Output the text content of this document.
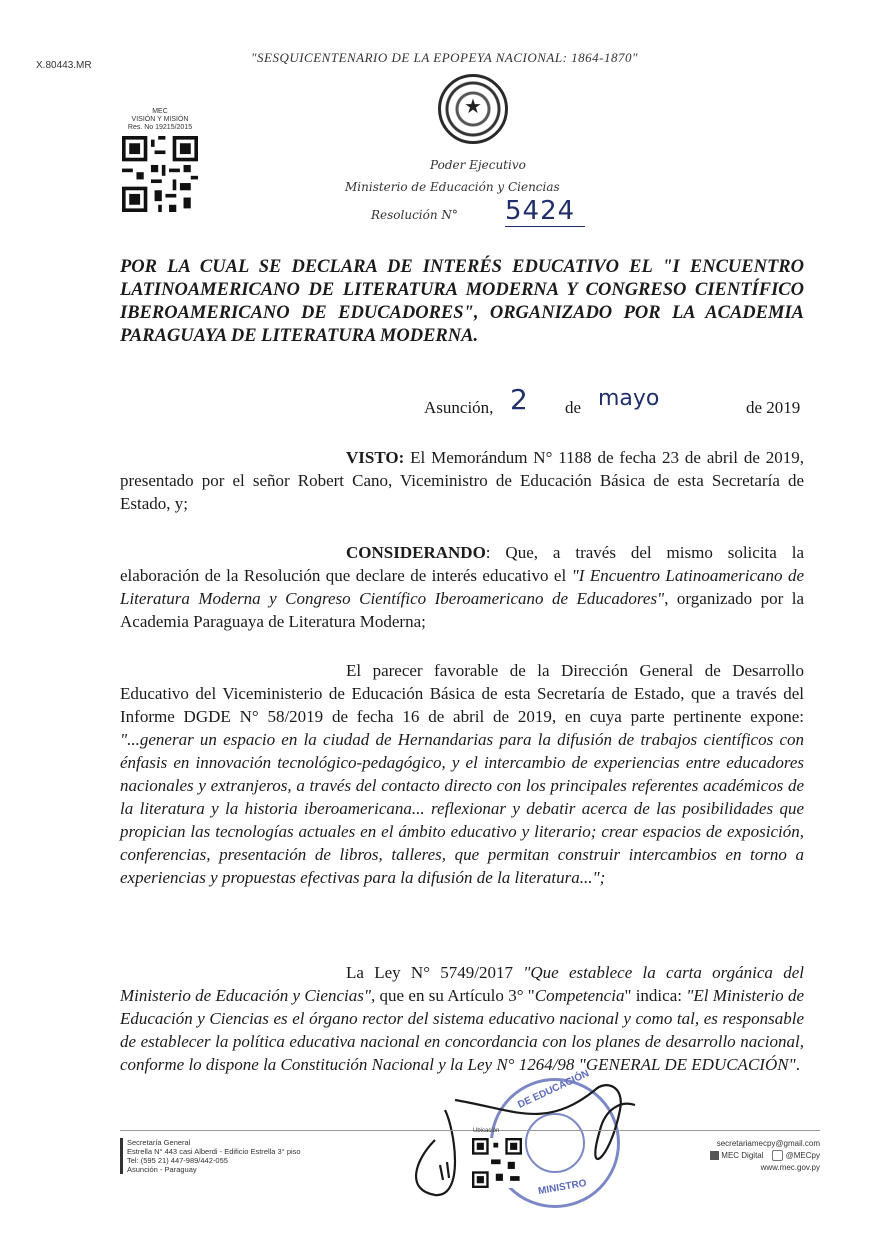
X.80443.MR
"SESQUICENTENARIO DE LA EPOPEYA NACIONAL: 1864-1870"
★
MEC
VISIÓN Y MISIÓN
Res. No 19215/2015
Poder Ejecutivo
Ministerio de Educación y Ciencias
Resolución N° 5424
POR LA CUAL SE DECLARA DE INTERÉS EDUCATIVO EL "I ENCUENTRO LATINOAMERICANO DE LITERATURA MODERNA Y CONGRESO CIENTÍFICO IBEROAMERICANO DE EDUCADORES", ORGANIZADO POR LA ACADEMIA PARAGUAYA DE LITERATURA MODERNA.
Asunción, 2 de mayo	de 2019
VISTO: El Memorándum N° 1188 de fecha 23 de abril de 2019, presentado por el señor Robert Cano, Viceministro de Educación Básica de esta Secretaría de Estado, y;
CONSIDERANDO: Que, a través del mismo solicita la elaboración de la Resolución que declare de interés educativo el "I Encuentro Latinoamericano de Literatura Moderna y Congreso Científico Iberoamericano de Educadores", organizado por la Academia Paraguaya de Literatura Moderna;
El parecer favorable de la Dirección General de Desarrollo Educativo del Viceministerio de Educación Básica de esta Secretaría de Estado, que a través del Informe DGDE N° 58/2019 de fecha 16 de abril de 2019, en cuya parte pertinente expone: "...generar un espacio en la ciudad de Hernandarias para la difusión de trabajos científicos con énfasis en innovación tecnológico-pedagógico, y el intercambio de experiencias entre educadores nacionales y extranjeros, a través del contacto directo con los principales referentes académicos de la literatura y la historia iberoamericana... reflexionar y debatir acerca de las posibilidades que propician las tecnologías actuales en el ámbito educativo y literario; crear espacios de exposición, conferencias, presentación de libros, talleres, que permitan construir intercambios en torno a experiencias y propuestas efectivas para la difusión de la literatura...";
La Ley N° 5749/2017 "Que establece la carta orgánica del Ministerio de Educación y Ciencias", que en su Artículo 3° "Competencia" indica: "El Ministerio de Educación y Ciencias es el órgano rector del sistema educativo nacional y como tal, es responsable de establecer la política educativa nacional en concordancia con los planes de desarrollo nacional, conforme lo dispone la Constitución Nacional y la Ley N° 1264/98 "GENERAL DE EDUCACIÓN".
DE EDUCACIÓN
MINISTRO
Secretaría General
Estrella N° 443 casi Alberdi - Edificio Estrella 3° piso
Tel: (595 21) 447-989/442-055
Asunción - Paraguay
Ubicación
secretariamecpy@gmail.com
MEC Digital	@MECpy
www.mec.gov.py
